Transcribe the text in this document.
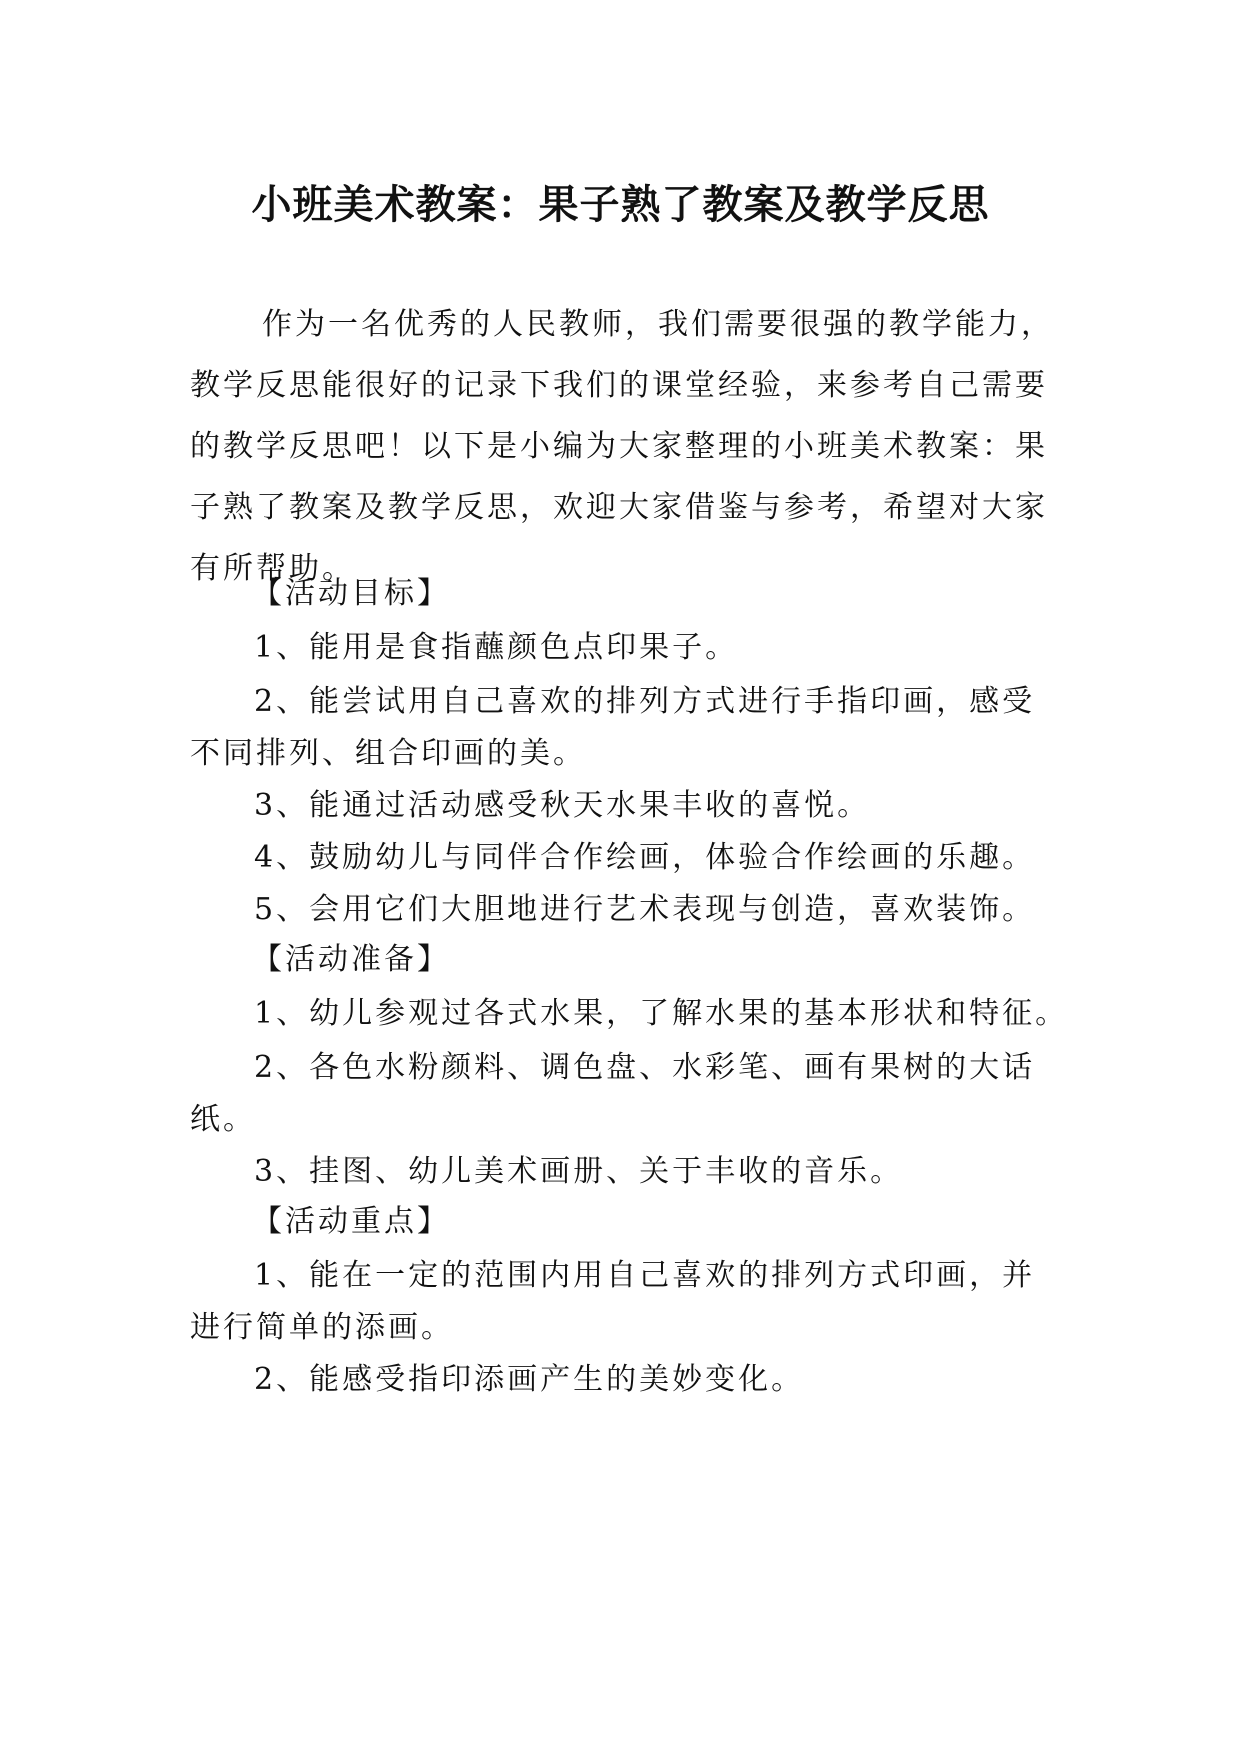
小班美术教案：果子熟了教案及教学反思

作为一名优秀的人民教师，我们需要很强的教学能力，教学反思能很好的记录下我们的课堂经验，来参考自己需要的教学反思吧！以下是小编为大家整理的小班美术教案：果子熟了教案及教学反思，欢迎大家借鉴与参考，希望对大家有所帮助。

【活动目标】

1、能用是食指蘸颜色点印果子。

2、能尝试用自己喜欢的排列方式进行手指印画，感受

不同排列、组合印画的美。

3、能通过活动感受秋天水果丰收的喜悦。

4、鼓励幼儿与同伴合作绘画，体验合作绘画的乐趣。

5、会用它们大胆地进行艺术表现与创造，喜欢装饰。

【活动准备】

1、幼儿参观过各式水果，了解水果的基本形状和特征。

2、各色水粉颜料、调色盘、水彩笔、画有果树的大话

纸。

3、挂图、幼儿美术画册、关于丰收的音乐。

【活动重点】

1、能在一定的范围内用自己喜欢的排列方式印画，并

进行简单的添画。

2、能感受指印添画产生的美妙变化。
